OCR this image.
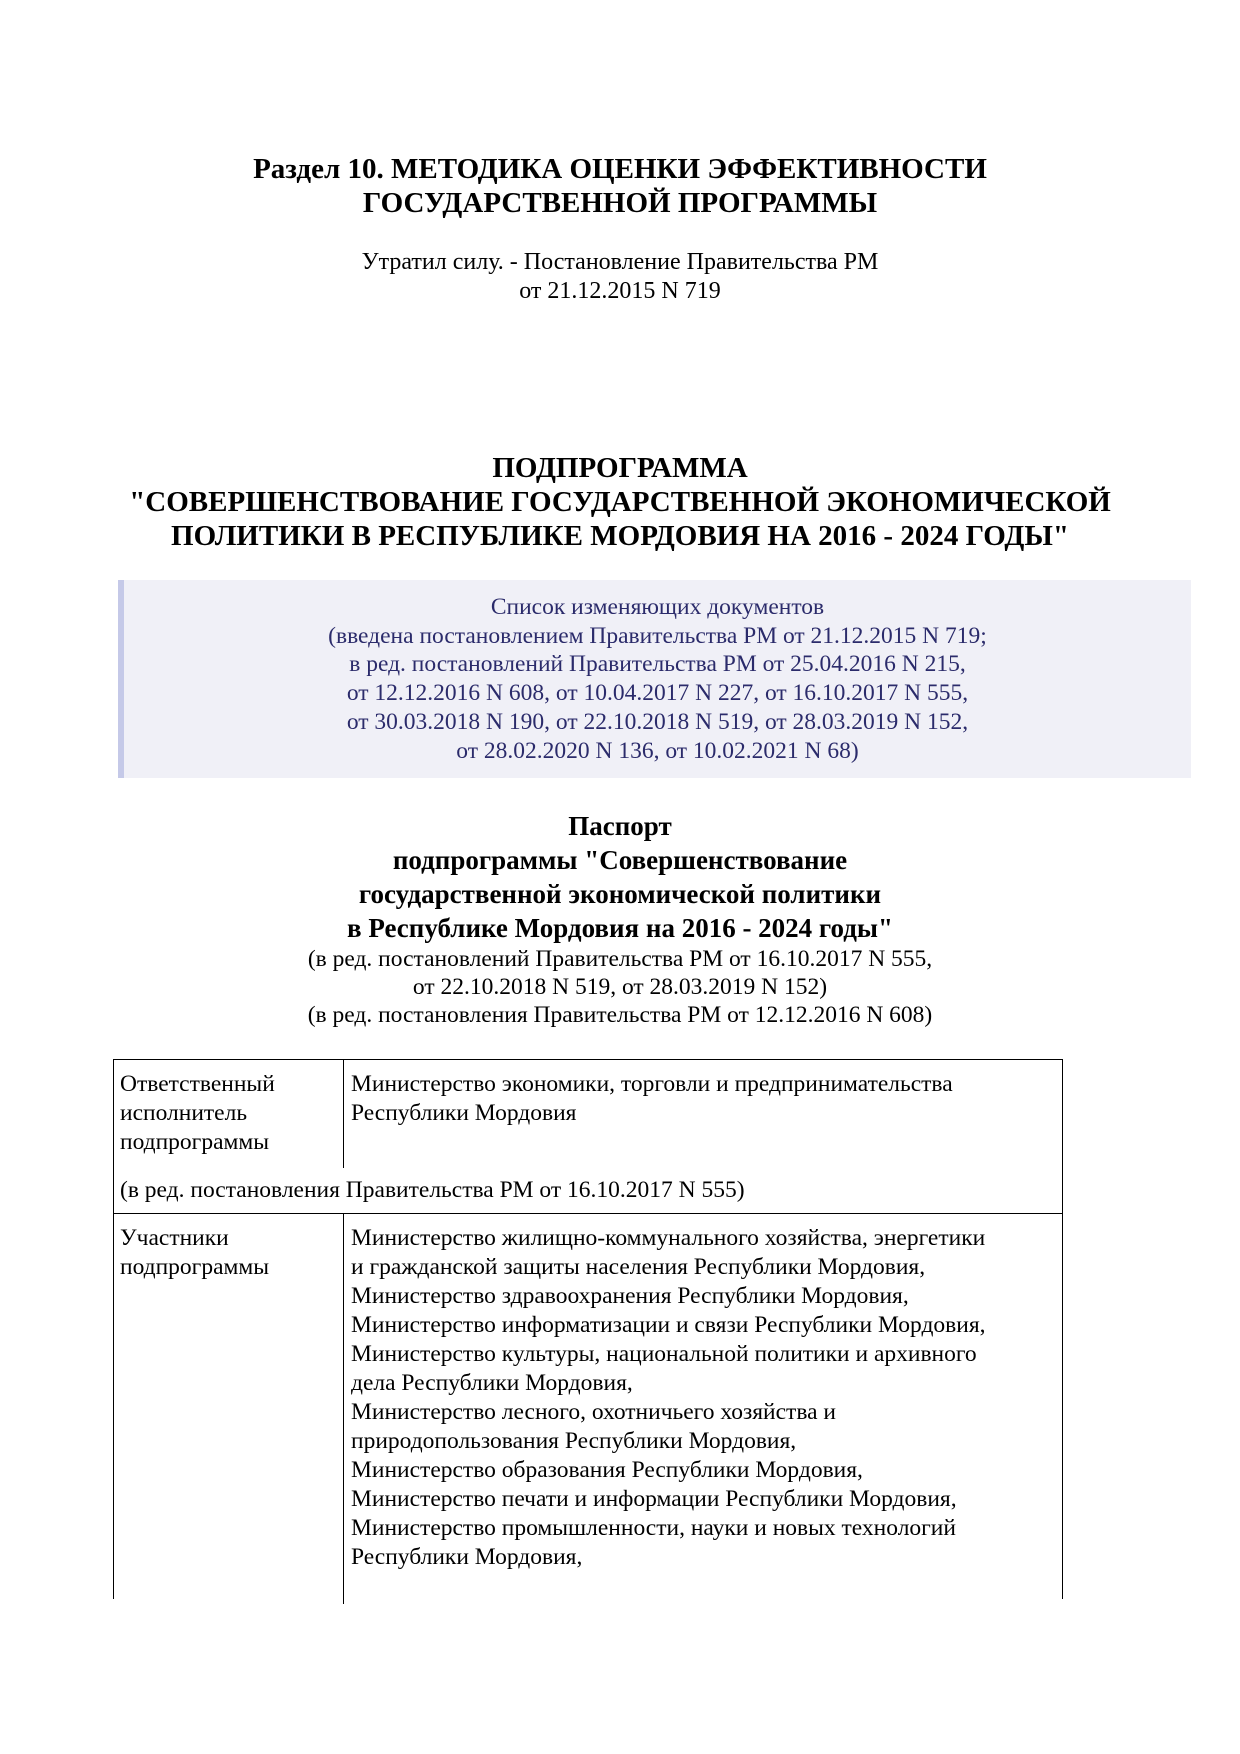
Раздел 10. МЕТОДИКА ОЦЕНКИ ЭФФЕКТИВНОСТИ
ГОСУДАРСТВЕННОЙ ПРОГРАММЫ
Утратил силу. - Постановление Правительства РМ
от 21.12.2015 N 719
ПОДПРОГРАММА
"СОВЕРШЕНСТВОВАНИЕ ГОСУДАРСТВЕННОЙ ЭКОНОМИЧЕСКОЙ
ПОЛИТИКИ В РЕСПУБЛИКЕ МОРДОВИЯ НА 2016 - 2024 ГОДЫ"
Список изменяющих документов
(введена постановлением Правительства РМ от 21.12.2015 N 719;
в ред. постановлений Правительства РМ от 25.04.2016 N 215,
от 12.12.2016 N 608, от 10.04.2017 N 227, от 16.10.2017 N 555,
от 30.03.2018 N 190, от 22.10.2018 N 519, от 28.03.2019 N 152,
от 28.02.2020 N 136, от 10.02.2021 N 68)
Паспорт
подпрограммы "Совершенствование
государственной экономической политики
в Республике Мордовия на 2016 - 2024 годы"
(в ред. постановлений Правительства РМ от 16.10.2017 N 555,
от 22.10.2018 N 519, от 28.03.2019 N 152)
(в ред. постановления Правительства РМ от 12.12.2016 N 608)
Ответственный
исполнитель
подпрограммы
Министерство экономики, торговли и предпринимательства
Республики Мордовия
(в ред. постановления Правительства РМ от 16.10.2017 N 555)
Участники
подпрограммы
Министерство жилищно-коммунального хозяйства, энергетики
и гражданской защиты населения Республики Мордовия,
Министерство здравоохранения Республики Мордовия,
Министерство информатизации и связи Республики Мордовия,
Министерство культуры, национальной политики и архивного
дела Республики Мордовия,
Министерство лесного, охотничьего хозяйства и
природопользования Республики Мордовия,
Министерство образования Республики Мордовия,
Министерство печати и информации Республики Мордовия,
Министерство промышленности, науки и новых технологий
Республики Мордовия,
